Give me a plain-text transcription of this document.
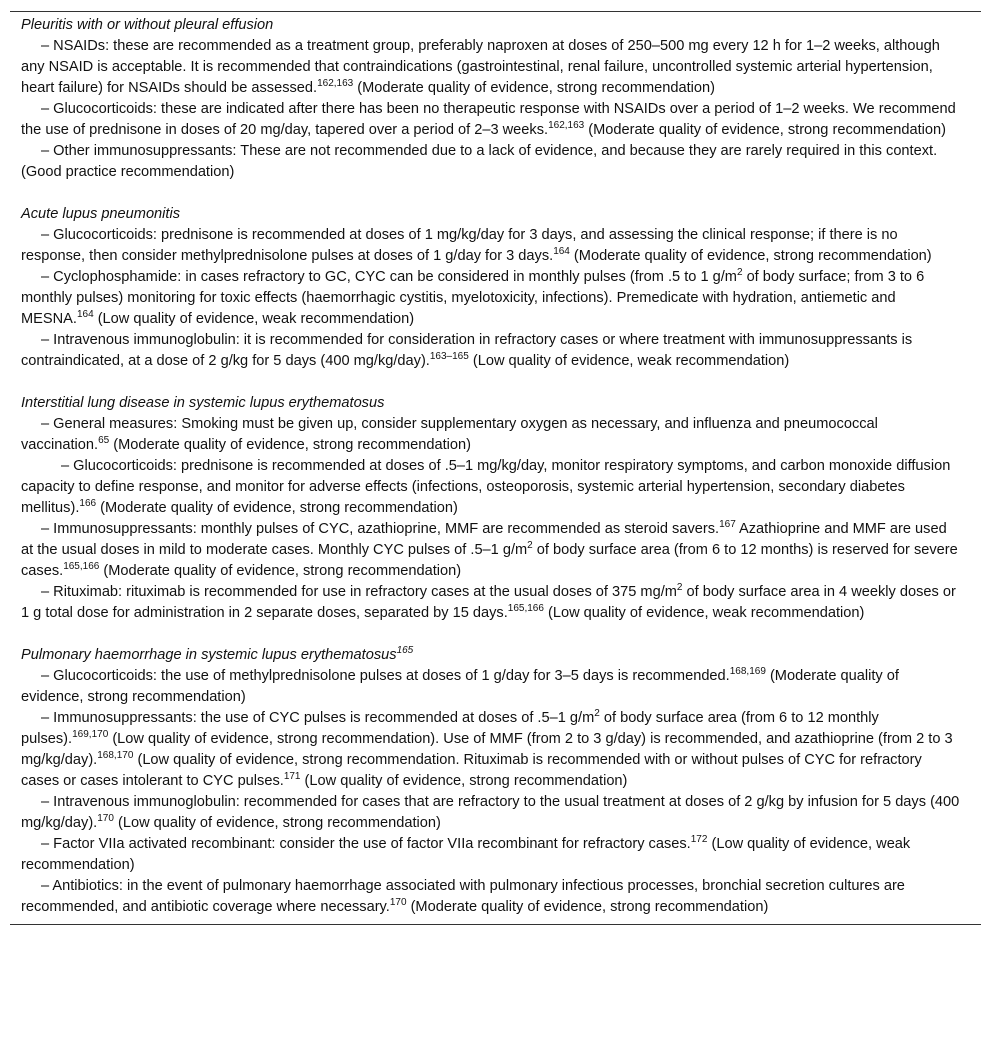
Pleuritis with or without pleural effusion

– NSAIDs: these are recommended as a treatment group, preferably naproxen at doses of 250–500 mg every 12 h for 1–2 weeks, although any NSAID is acceptable. It is recommended that contraindications (gastrointestinal, renal failure, uncontrolled systemic arterial hypertension, heart failure) for NSAIDs should be assessed.$^{162,163}$ (Moderate quality of evidence, strong recommendation)

– Glucocorticoids: these are indicated after there has been no therapeutic response with NSAIDs over a period of 1–2 weeks. We recommend the use of prednisone in doses of 20 mg/day, tapered over a period of 2–3 weeks.$^{162,163}$ (Moderate quality of evidence, strong recommendation)

– Other immunosuppressants: These are not recommended due to a lack of evidence, and because they are rarely required in this context. (Good practice recommendation)

Acute lupus pneumonitis

– Glucocorticoids: prednisone is recommended at doses of 1 mg/kg/day for 3 days, and assessing the clinical response; if there is no response, then consider methylprednisolone pulses at doses of 1 g/day for 3 days.$^{164}$ (Moderate quality of evidence, strong recommendation)

– Cyclophosphamide: in cases refractory to GC, CYC can be considered in monthly pulses (from .5 to 1 $g/m^2$ of body surface; from 3 to 6 monthly pulses) monitoring for toxic effects (haemorrhagic cystitis, myelotoxicity, infections). Premedicate with hydration, antiemetic and MESNA.$^{164}$ (Low quality of evidence, weak recommendation)

– Intravenous immunoglobulin: it is recommended for consideration in refractory cases or where treatment with immunosuppressants is contraindicated, at a dose of 2 g/kg for 5 days (400 mg/kg/day).$^{163-165}$ (Low quality of evidence, weak recommendation)

Interstitial lung disease in systemic lupus erythematosus

– General measures: Smoking must be given up, consider supplementary oxygen as necessary, and influenza and pneumococcal vaccination.$^{65}$ (Moderate quality of evidence, strong recommendation)

– Glucocorticoids: prednisone is recommended at doses of .5–1 mg/kg/day, monitor respiratory symptoms, and carbon monoxide diffusion capacity to define response, and monitor for adverse effects (infections, osteoporosis, systemic arterial hypertension, secondary diabetes mellitus).$^{166}$ (Moderate quality of evidence, strong recommendation)

– Immunosuppressants: monthly pulses of CYC, azathioprine, MMF are recommended as steroid savers.$^{167}$ Azathioprine and MMF are used at the usual doses in mild to moderate cases. Monthly CYC pulses of .5–1 $g/m^2$ of body surface area (from 6 to 12 months) is reserved for severe cases.$^{165,166}$ (Moderate quality of evidence, strong recommendation)

– Rituximab: rituximab is recommended for use in refractory cases at the usual doses of 375 $mg/m^2$ of body surface area in 4 weekly doses or 1 g total dose for administration in 2 separate doses, separated by 15 days.$^{165,166}$ (Low quality of evidence, weak recommendation)

Pulmonary haemorrhage in systemic lupus erythematosus$^{165}$

– Glucocorticoids: the use of methylprednisolone pulses at doses of 1 g/day for 3–5 days is recommended.$^{168,169}$ (Moderate quality of evidence, strong recommendation)

– Immunosuppressants: the use of CYC pulses is recommended at doses of .5–1 $g/m^2$ of body surface area (from 6 to 12 monthly pulses).$^{169,170}$ (Low quality of evidence, strong recommendation). Use of MMF (from 2 to 3 g/day) is recommended, and azathioprine (from 2 to 3 mg/kg/day).$^{168,170}$ (Low quality of evidence, strong recommendation. Rituximab is recommended with or without pulses of CYC for refractory cases or cases intolerant to CYC pulses.$^{171}$ (Low quality of evidence, strong recommendation)

– Intravenous immunoglobulin: recommended for cases that are refractory to the usual treatment at doses of 2 g/kg by infusion for 5 days (400 mg/kg/day).$^{170}$ (Low quality of evidence, strong recommendation)

– Factor VIIa activated recombinant: consider the use of factor VIIa recombinant for refractory cases.$^{172}$ (Low quality of evidence, weak recommendation)

– Antibiotics: in the event of pulmonary haemorrhage associated with pulmonary infectious processes, bronchial secretion cultures are recommended, and antibiotic coverage where necessary.$^{170}$ (Moderate quality of evidence, strong recommendation)
